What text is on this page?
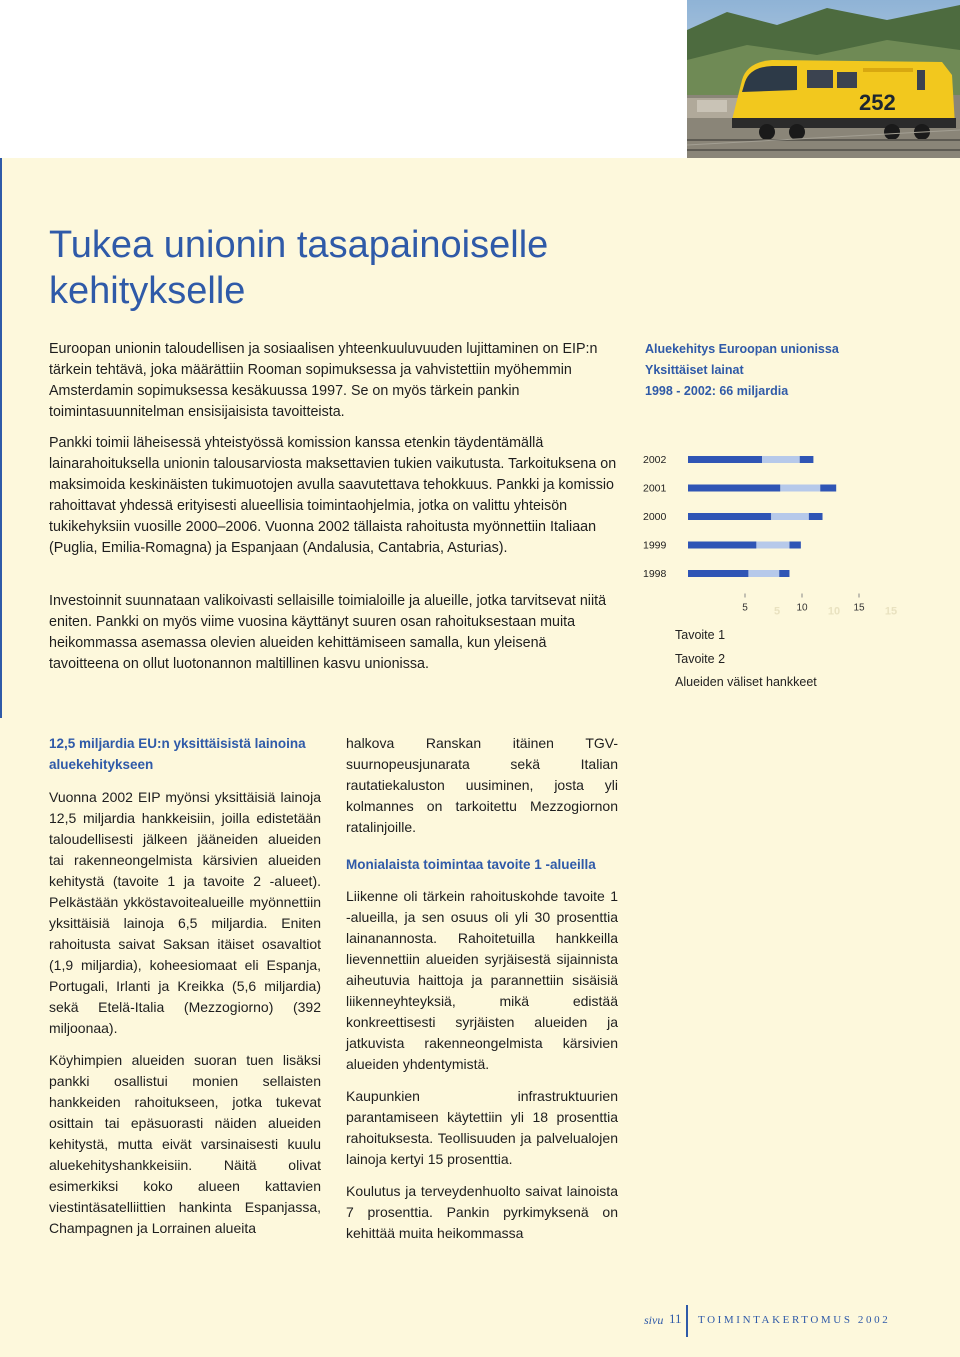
252
Tukea unionin tasapainoiselle kehitykselle

Euroopan unionin taloudellisen ja sosiaalisen yhteenkuuluvuuden lujittaminen on EIP:n tärkein tehtävä, joka määrättiin Rooman sopimuksessa ja vahvistettiin myöhemmin Amsterdamin sopimuksessa kesäkuussa 1997. Se on myös tärkein pankin toimintasuunnitelman ensisijaisista tavoitteista.

Pankki toimii läheisessä yhteistyössä komission kanssa etenkin täydentämällä lainarahoituksella unionin talousarviosta maksettavien tukien vaikutusta. Tarkoituksena on maksimoida keskinäisten tukimuotojen avulla saavutettava tehokkuus. Pankki ja komissio rahoittavat yhdessä erityisesti alueellisia toimintaohjelmia, jotka on valittu yhteisön tukikehyksiin vuosille 2000–2006. Vuonna 2002 tällaista rahoitusta myönnettiin Italiaan (Puglia, Emilia-Romagna) ja Espanjaan (Andalusia, Cantabria, Asturias).

Investoinnit suunnataan valikoivasti sellaisille toimialoille ja alueille, jotka tarvitsevat niitä eniten. Pankki on myös viime vuosina käyttänyt suuren osan rahoituksestaan muita heikommassa asemassa olevien alueiden kehittämiseen samalla, kun yleisenä tavoitteena on ollut luotonannon maltillinen kasvu unionissa.

Aluekehitys Euroopan unionissa
Yksittäiset lainat
1998 - 2002: 66 miljardia
2002
2001
2000
1999
1998
5	10	15
5	10	15
Tavoite 1
Tavoite 2
Alueiden väliset hankkeet
12,5 miljardia EU:n yksittäisistä lainoina aluekehitykseen

Vuonna 2002 EIP myönsi yksittäisiä lainoja 12,5 miljardia hankkeisiin, joilla edistetään taloudellisesti jälkeen jääneiden alueiden tai rakenneongelmista kärsivien alueiden kehitystä (tavoite 1 ja tavoite 2 -alueet). Pelkästään ykköstavoitealueille myönnettiin yksittäisiä lainoja 6,5 miljardia. Eniten rahoitusta saivat Saksan itäiset osavaltiot (1,9 miljardia), koheesiomaat eli Espanja, Portugali, Irlanti ja Kreikka (5,6 miljardia) sekä Etelä-Italia (Mezzogiorno) (392 miljoonaa).

Köyhimpien alueiden suoran tuen lisäksi pankki osallistui monien sellaisten hankkeiden rahoitukseen, jotka tukevat osittain tai epäsuorasti näiden alueiden kehitystä, mutta eivät varsinaisesti kuulu aluekehityshankkeisiin. Näitä olivat esimerkiksi koko alueen kattavien viestintäsatelliittien hankinta Espanjassa, Champagnen ja Lorrainen alueita

halkova Ranskan itäinen TGV-suurnopeusjunarata sekä Italian rautatiekaluston uusiminen, josta yli kolmannes on tarkoitettu Mezzogiornon ratalinjoille.

Monialaista toimintaa tavoite 1 -alueilla

Liikenne oli tärkein rahoituskohde tavoite 1 -alueilla, ja sen osuus oli yli 30 prosenttia lainanannosta. Rahoitetuilla hankkeilla lievennettiin alueiden syrjäisestä sijainnista aiheutuvia haittoja ja parannettiin sisäisiä liikenneyhteyksiä, mikä edistää konkreettisesti syrjäisten alueiden ja jatkuvista rakenneongelmista kärsivien alueiden yhdentymistä.

Kaupunkien infrastruktuurien parantamiseen käytettiin yli 18 prosenttia rahoituksesta. Teollisuuden ja palvelualojen lainoja kertyi 15 prosenttia.

Koulutus ja terveydenhuolto saivat lainoista 7 prosenttia. Pankin pyrkimyksenä on kehittää muita heikommassa

sivu 11 TOIMINTAKERTOMUS 2002
